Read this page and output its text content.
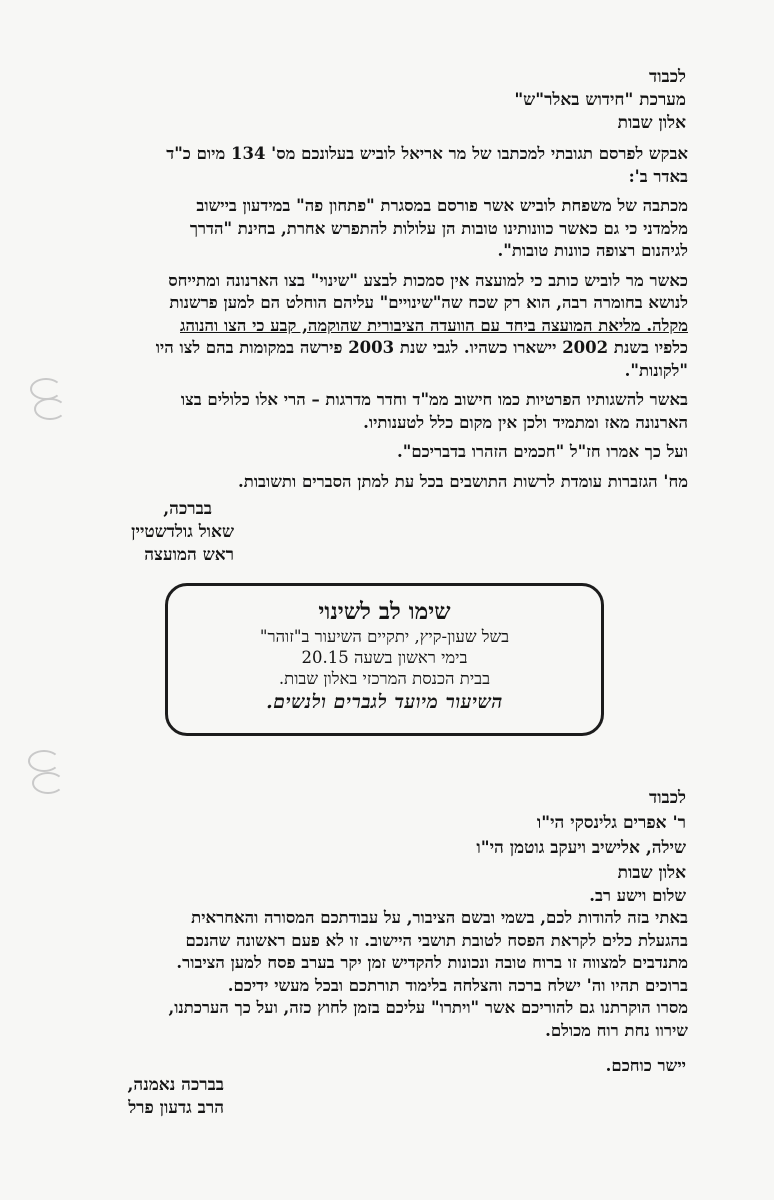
לכבוד
מערכת "חידוש באלר"ש"
אלון שבות

אבקש לפרסם תגובתי למכתבו של מר אריאל לוביש בעלונכם מס' 134 מיום כ"ד
באדר ב':

מכתבה של משפחת לוביש אשר פורסם במסגרת "פתחון פה" במידעון ביישוב
מלמדני כי גם כאשר כוונותינו טובות הן עלולות להתפרש אחרת, בחינת "הדרך
לגיהנום רצופה כוונות טובות".

כאשר מר לוביש כותב כי למועצה אין סמכות לבצע "שינוי" בצו הארנונה ומתייחס
לנושא בחומרה רבה, הוא רק שכח שה"שינויים" עליהם הוחלט הם למען פרשנות
מקלה. מליאת המועצה ביחד עם הוועדה הציבורית שהוקמה, קבע כי הצו והנוהג
כלפיו בשנת 2002 יישארו כשהיו. לגבי שנת 2003 פירשה במקומות בהם לצו היו
"לקונות".

באשר להשגותיו הפרטיות כמו חישוב ממ"ד וחדר מדרגות – הרי אלו כלולים בצו
הארנונה מאז ומתמיד ולכן אין מקום כלל לטענותיו.

ועל כך אמרו חז"ל "חכמים הזהרו בדבריכם".

מח' הגזברות עומדת לרשות התושבים בכל עת למתן הסברים ותשובות.

בברכה,
שאול גולדשטיין
ראש המועצה
שימו לב לשינוי
בשל שעון-קיץ, יתקיים השיעור ב"זוהר"
בימי ראשון בשעה 20.15
בבית הכנסת המרכזי באלון שבות.
השיעור מיועד לגברים ולנשים.
לכבוד
ר' אפרים גלינסקי הי"ו
שילה, אלישיב ויעקב גוטמן הי"ו
אלון שבות
שלום וישע רב.

באתי בזה להודות לכם, בשמי ובשם הציבור, על עבודתכם המסורה והאחראית
בהגעלת כלים לקראת הפסח לטובת תושבי היישוב. זו לא פעם ראשונה שהנכם
מתנדבים למצווה זו ברוח טובה ונכונות להקדיש זמן יקר בערב פסח למען הציבור.
ברוכים תהיו וה' ישלח ברכה והצלחה בלימוד תורתכם ובכל מעשי ידיכם.
מסרו הוקרתנו גם להוריכם אשר "ויתרו" עליכם בזמן לחוץ כזה, ועל כך הערכתנו,
שירוו נחת רוח מכולם.

יישר כוחכם.
בברכה נאמנה,
הרב גדעון פרל
